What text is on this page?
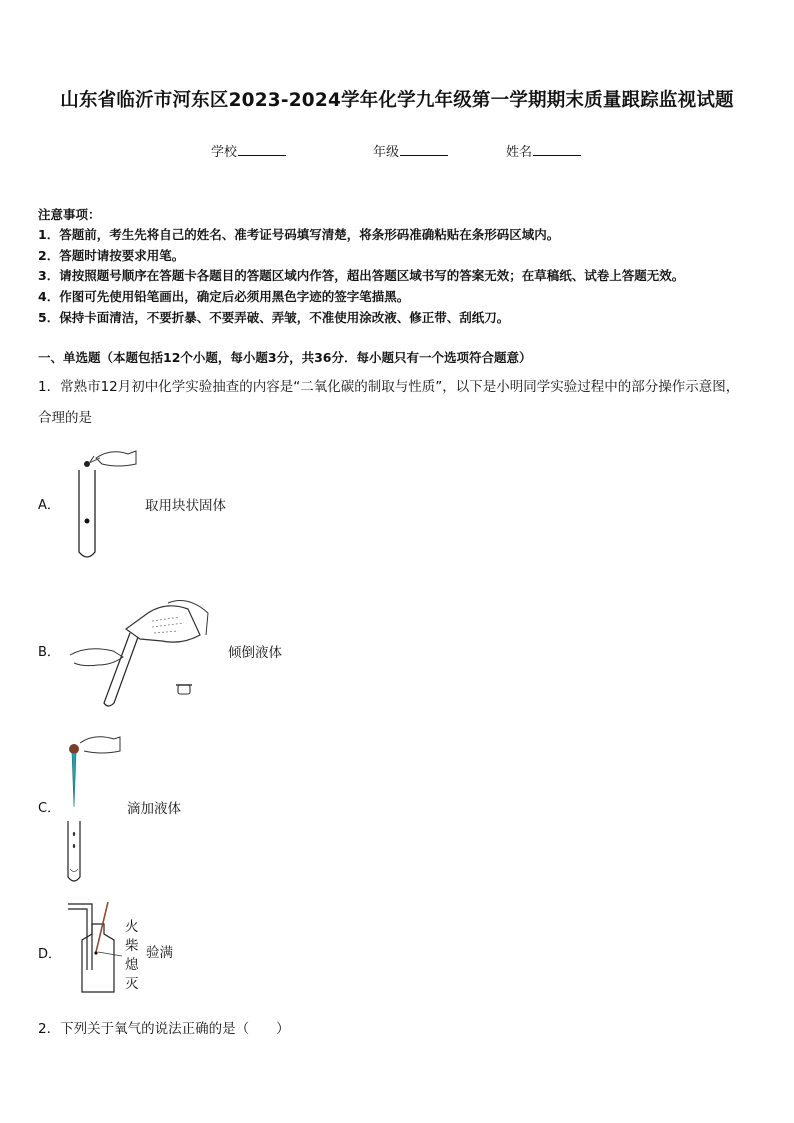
山东省临沂市河东区2023-2024学年化学九年级第一学期期末质量跟踪监视试题
学校	年级	姓名
注意事项：
1．答题前，考生先将自己的姓名、准考证号码填写清楚，将条形码准确粘贴在条形码区域内。
2．答题时请按要求用笔。
3．请按照题号顺序在答题卡各题目的答题区域内作答，超出答题区域书写的答案无效；在草稿纸、试卷上答题无效。
4．作图可先使用铅笔画出，确定后必须用黑色字迹的签字笔描黑。
5．保持卡面清洁，不要折暴、不要弄破、弄皱，不准使用涂改液、修正带、刮纸刀。
一、单选题（本题包括12个小题，每小题3分，共36分．每小题只有一个选项符合题意）
1．常熟市12月初中化学实验抽查的内容是“二氧化碳的制取与性质”，以下是小明同学实验过程中的部分操作示意图，
合理的是
A．	取用块状固体
B．	倾倒液体
C．	滴加液体
D．
火
柴
熄
灭
验满
2．下列关于氧气的说法正确的是（　　）
